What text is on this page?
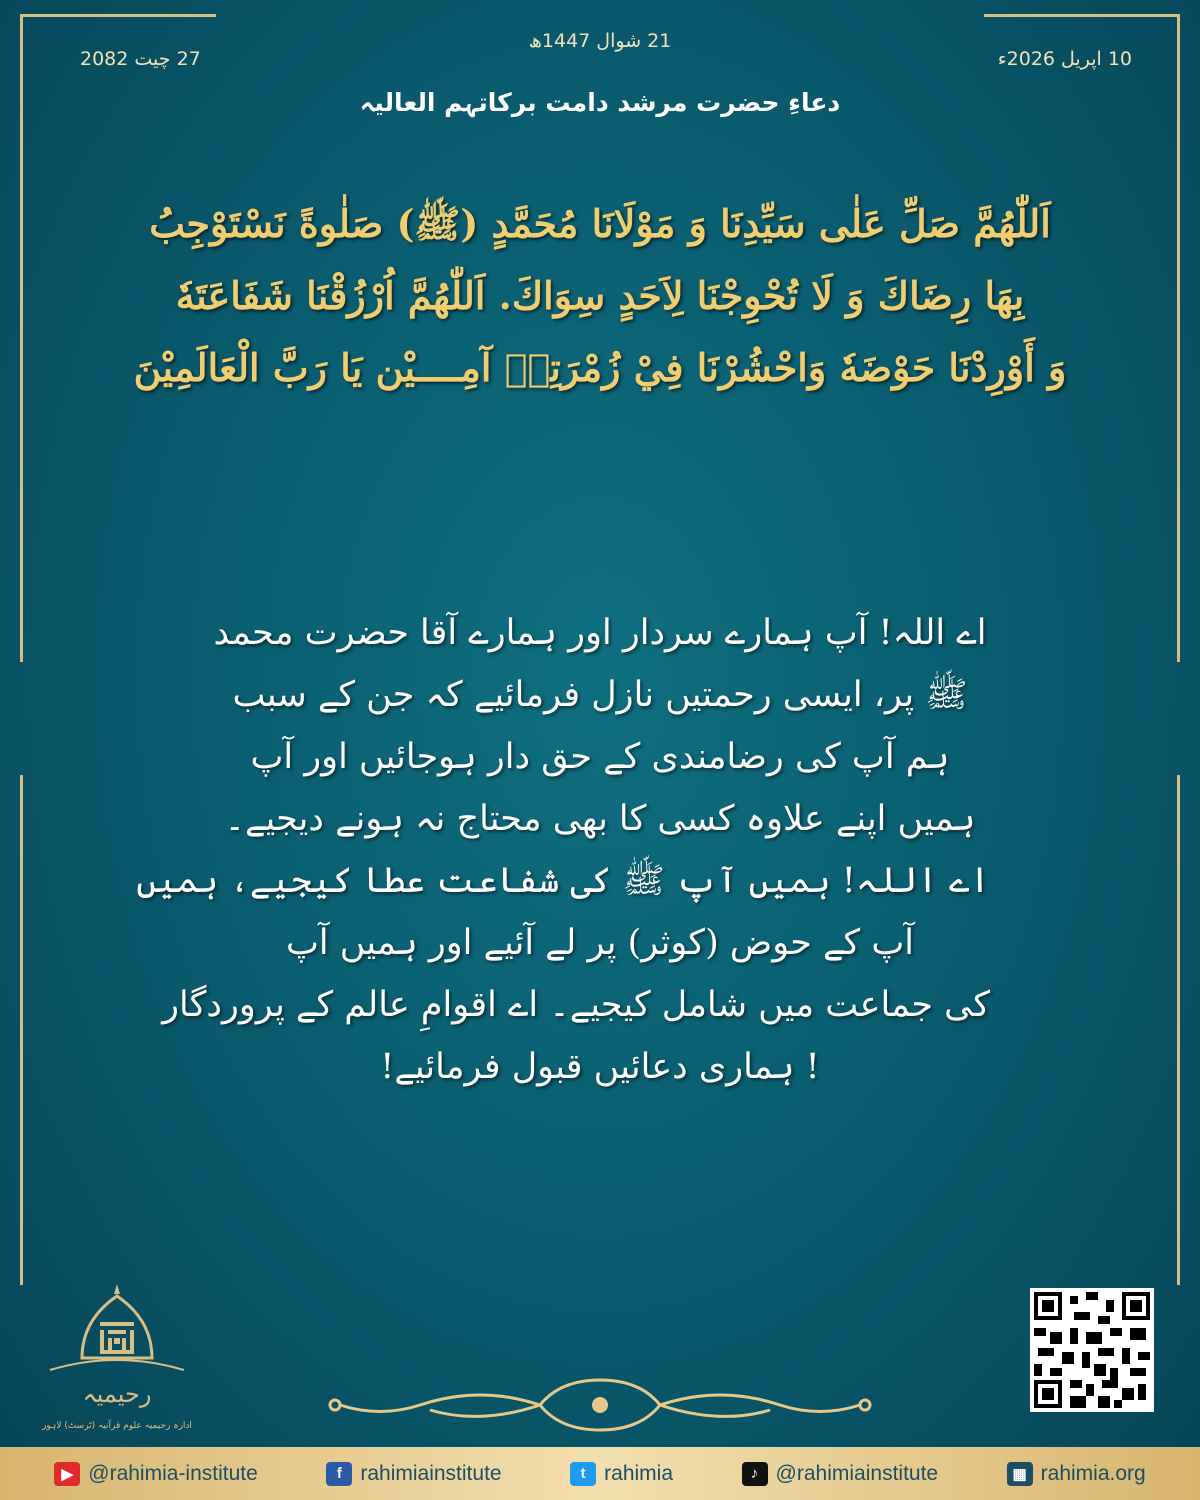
27 چیت 2082
21 شوال 1447ھ
10 اپریل 2026ء
دعاءِ حضرت مرشد دامت برکاتہم العالیہ
اَللّٰهُمَّ صَلِّ عَلٰى سَيِّدِنَا وَ مَوْلَانَا مُحَمَّدٍ (ﷺ) صَلٰوةً نَسْتَوْجِبُ
بِهَا رِضَاكَ وَ لَا تُحْوِجْنَا لِاَحَدٍ سِوَاكَ. اَللّٰهُمَّ اُرْزُقْنَا شَفَاعَتَهٗ
وَ أَوْرِدْنَا حَوْضَهٗ وَاحْشُرْنَا فِيْ زُمْرَتِهٖ آمِــــيْن يَا رَبَّ الْعَالَمِيْنَ
اے اللہ! آپ ہمارے سردار اور ہمارے آقا حضرت محمد
ﷺ پر، ایسی رحمتیں نازل فرمائیے کہ جن کے سبب
ہم آپ کی رضامندی کے حق دار ہوجائیں اور آپ
ہمیں اپنے علاوہ کسی کا بھی محتاج نہ ہونے دیجیے۔
اے اللہ! ہمیں آپ ﷺ کی شفاعت عطا کیجیے، ہمیں
آپ کے حوض (کوثر) پر لے آئیے اور ہمیں آپ
کی جماعت میں شامل کیجیے۔ اے اقوامِ عالم کے پروردگار
! ہماری دعائیں قبول فرمائیے!
رحیمیہ
ادارہ رحیمیہ علوم قرآنیہ (ٹرسٹ) لاہور
▶ @rahimia-institute	f rahimiainstitute	t rahimia	♪ @rahimiainstitute	▦ rahimia.org
